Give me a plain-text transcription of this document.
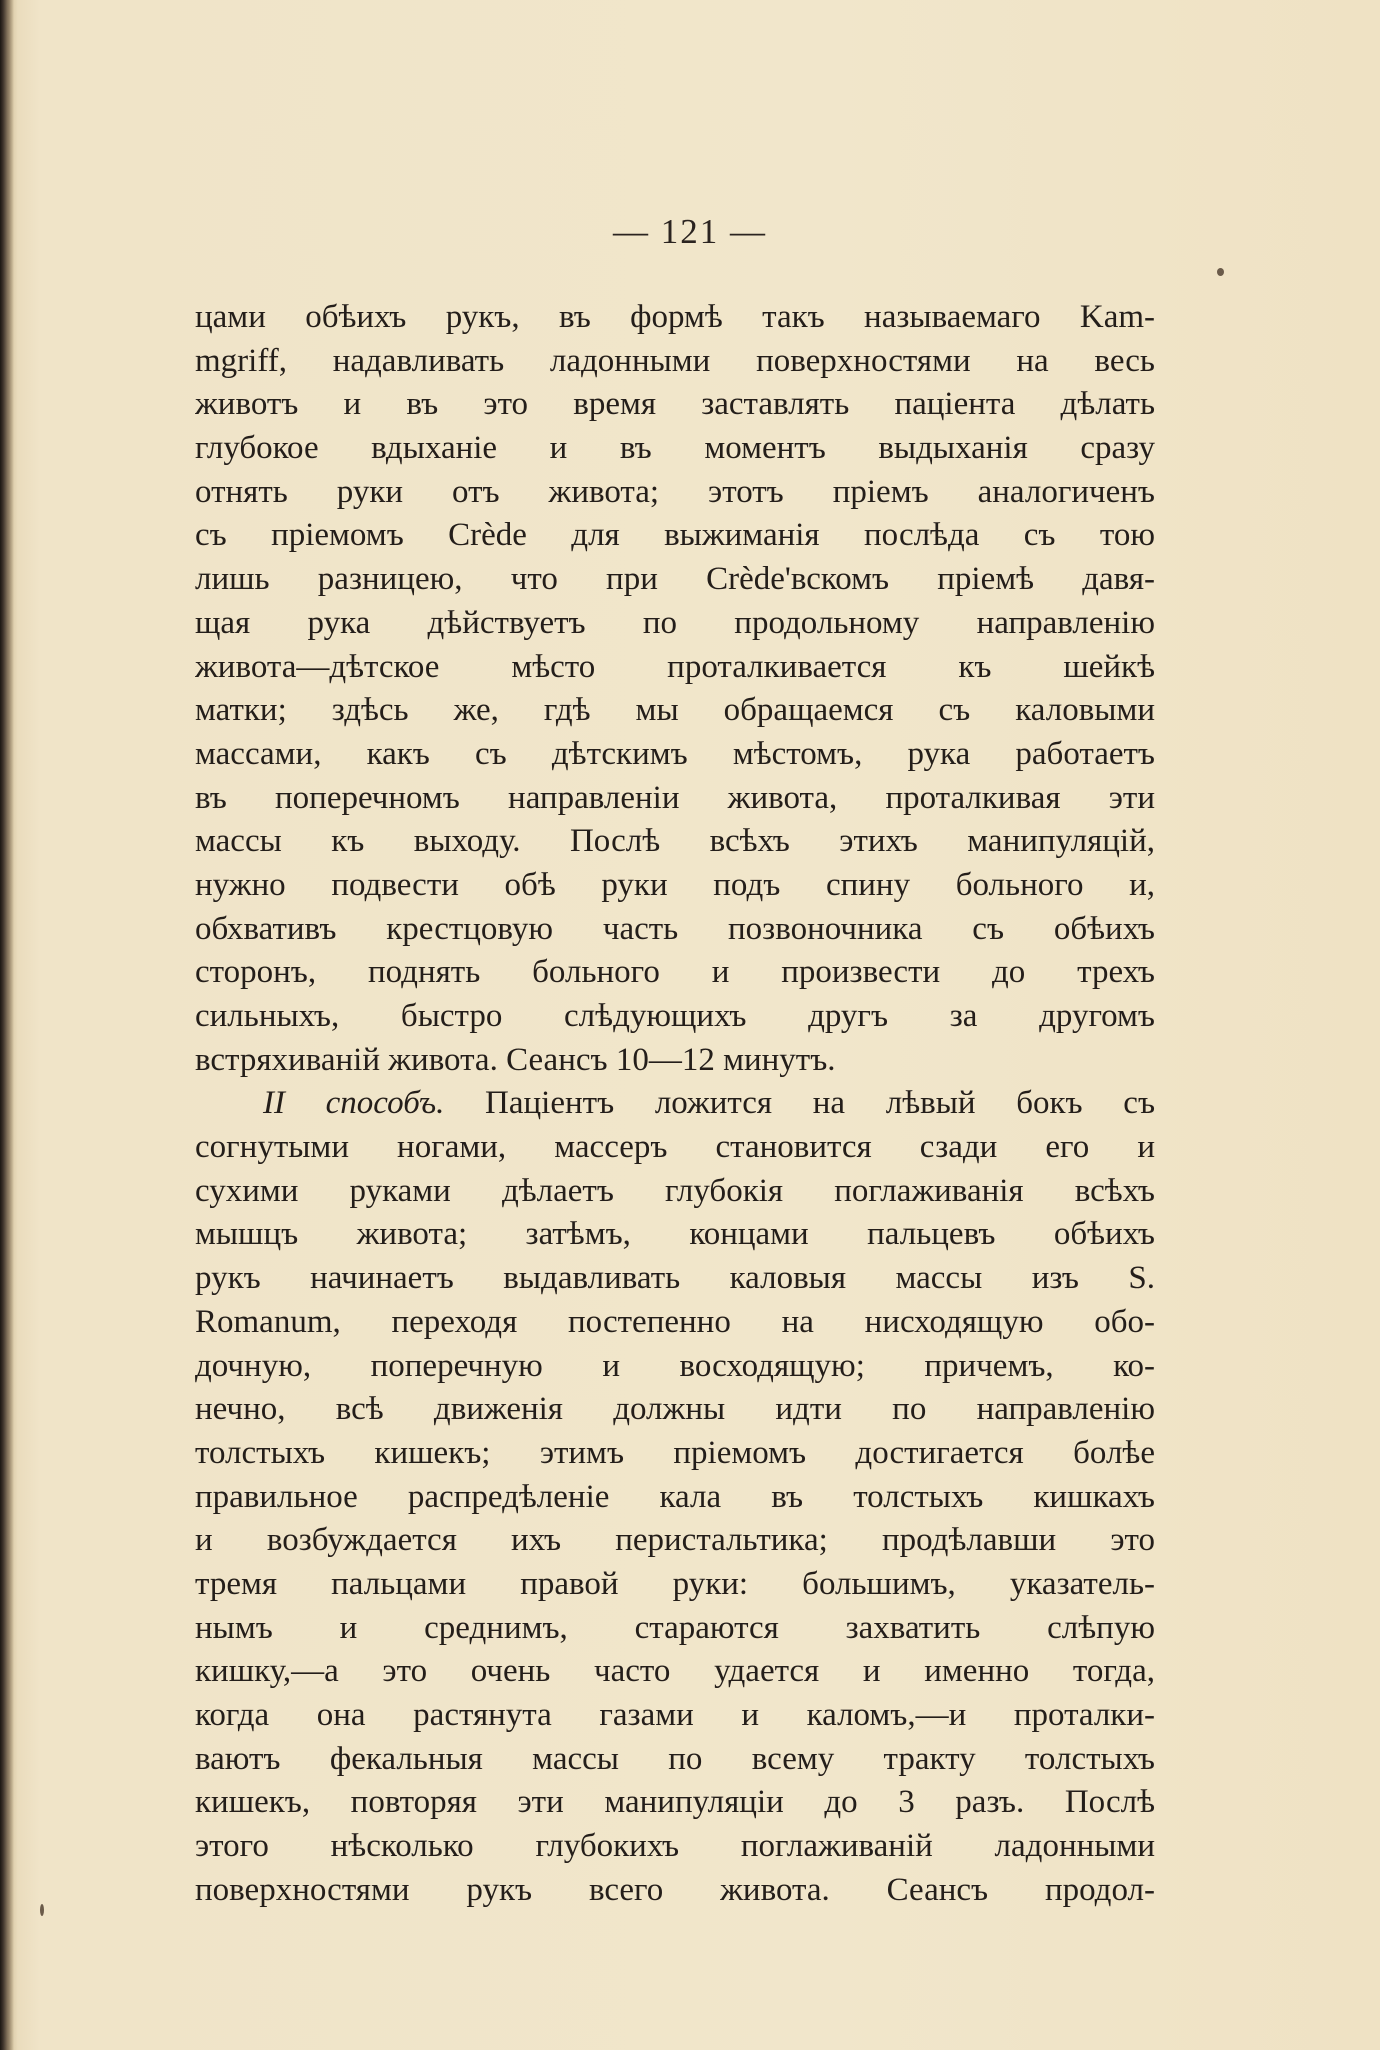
— 121 —
цами обѣихъ рукъ, въ формѣ такъ называемаго Kam-
mgriff, надавливать ладонными поверхностями на весь
животъ и въ это время заставлять паціента дѣлать
глубокое вдыханіе и въ моментъ выдыханія сразу
отнять руки отъ живота; этотъ пріемъ аналогиченъ
съ пріемомъ Crède для выжиманія послѣда съ тою
лишь разницею, что при Crède'вскомъ пріемѣ давя-
щая рука дѣйствуетъ по продольному направленію
живота—дѣтское мѣсто проталкивается къ шейкѣ
матки; здѣсь же, гдѣ мы обращаемся съ каловыми
массами, какъ съ дѣтскимъ мѣстомъ, рука работаетъ
въ поперечномъ направленіи живота, проталкивая эти
массы къ выходу. Послѣ всѣхъ этихъ манипуляцій,
нужно подвести обѣ руки подъ спину больного и,
обхвативъ крестцовую часть позвоночника съ обѣихъ
сторонъ, поднять больного и произвести до трехъ
сильныхъ, быстро слѣдующихъ другъ за другомъ
встряхиваній живота. Сеансъ 10—12 минутъ.
II способъ. Паціентъ ложится на лѣвый бокъ съ
согнутыми ногами, массеръ становится сзади его и
сухими руками дѣлаетъ глубокія поглаживанія всѣхъ
мышцъ живота; затѣмъ, концами пальцевъ обѣихъ
рукъ начинаетъ выдавливать каловыя массы изъ S.
Romanum, переходя постепенно на нисходящую обо-
дочную, поперечную и восходящую; причемъ, ко-
нечно, всѣ движенія должны идти по направленію
толстыхъ кишекъ; этимъ пріемомъ достигается болѣе
правильное распредѣленіе кала въ толстыхъ кишкахъ
и возбуждается ихъ перистальтика; продѣлавши это
тремя пальцами правой руки: большимъ, указатель-
нымъ и среднимъ, стараются захватить слѣпую
кишку,—а это очень часто удается и именно тогда,
когда она растянута газами и каломъ,—и проталки-
ваютъ фекальныя массы по всему тракту толстыхъ
кишекъ, повторяя эти манипуляціи до 3 разъ. Послѣ
этого нѣсколько глубокихъ поглаживаній ладонными
поверхностями рукъ всего живота. Сеансъ продол-
